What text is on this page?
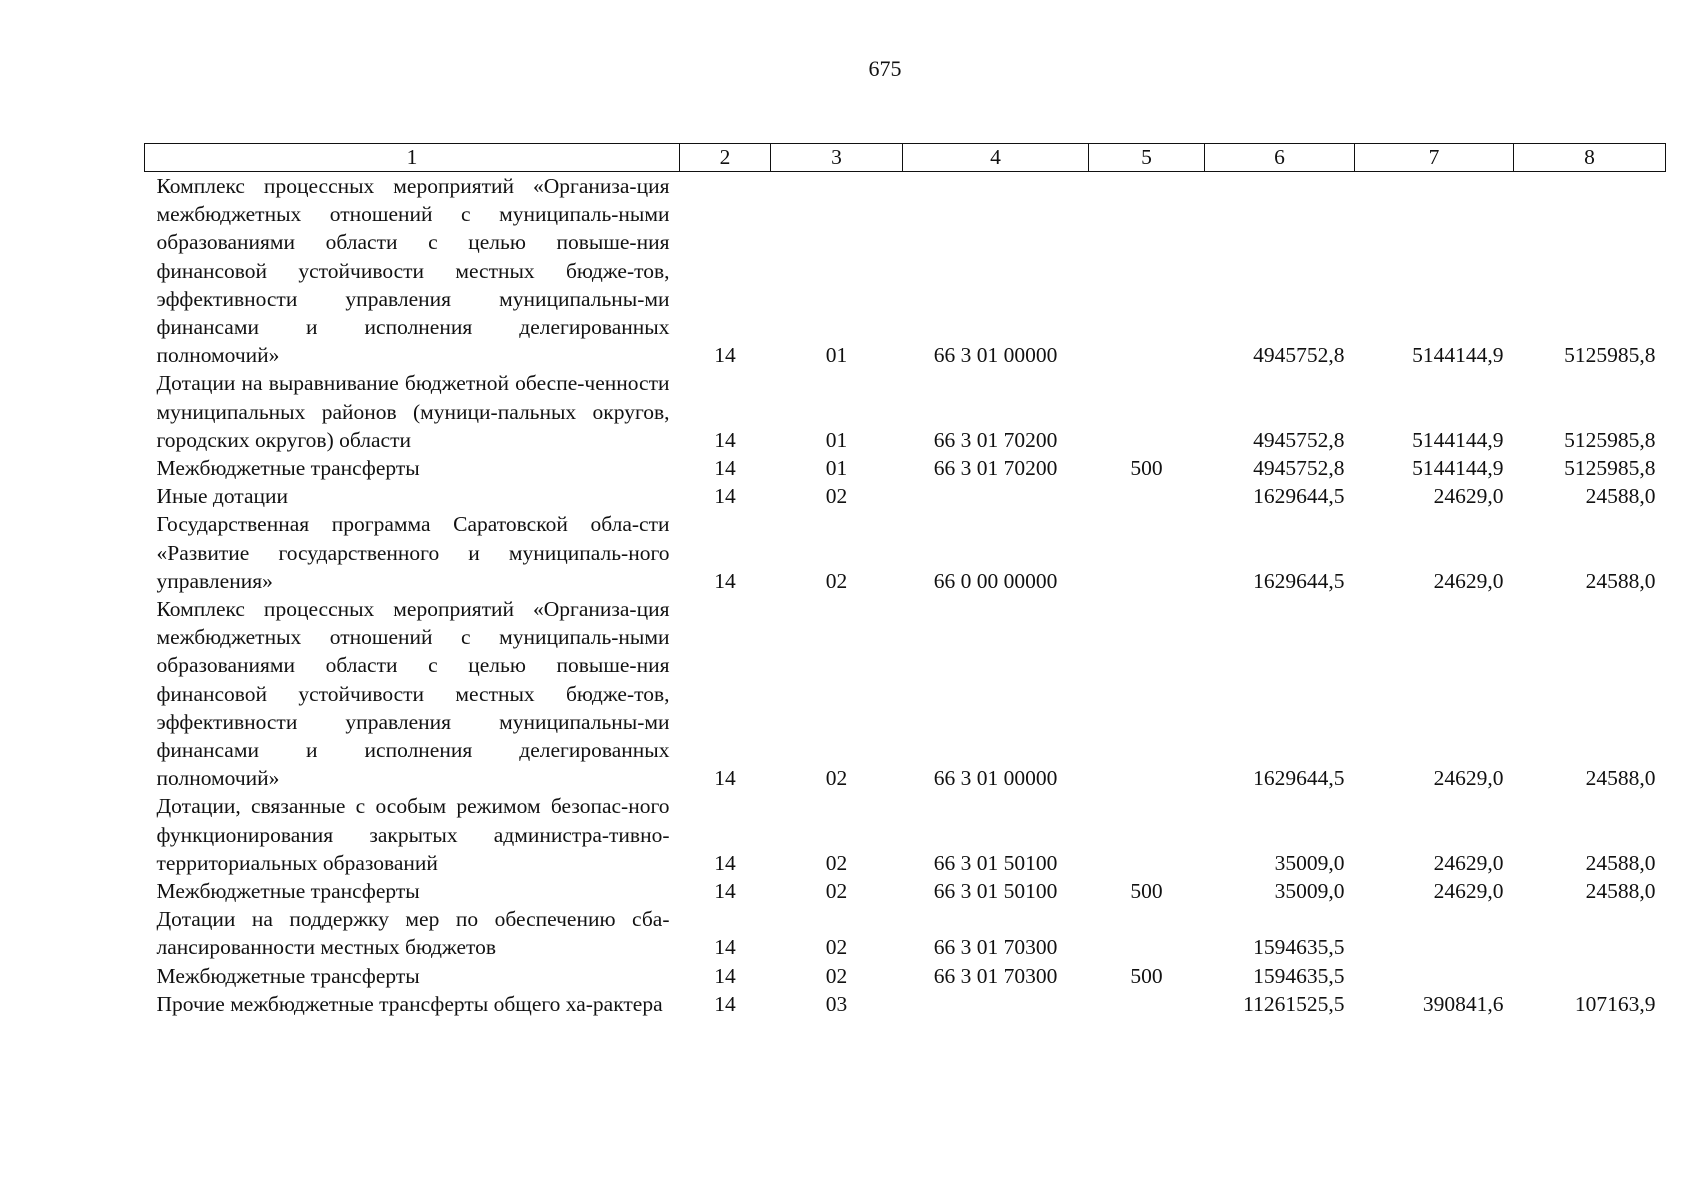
675
1	2	3	4	5	6	7	8
Комплекс процессных мероприятий «Организа-ция межбюджетных отношений с муниципаль-ными образованиями области с целью повыше-ния финансовой устойчивости местных бюдже-тов, эффективности управления муниципальны-ми финансами и исполнения делегированных полномочий»	14	01	66 3 01 00000		4945752,8	5144144,9	5125985,8
Дотации на выравнивание бюджетной обеспе-ченности муниципальных районов (муници-пальных округов, городских округов) области	14	01	66 3 01 70200		4945752,8	5144144,9	5125985,8
Межбюджетные трансферты	14	01	66 3 01 70200	500	4945752,8	5144144,9	5125985,8
Иные дотации	14	02			1629644,5	24629,0	24588,0
Государственная программа Саратовской обла-сти «Развитие государственного и муниципаль-ного управления»	14	02	66 0 00 00000		1629644,5	24629,0	24588,0
Комплекс процессных мероприятий «Организа-ция межбюджетных отношений с муниципаль-ными образованиями области с целью повыше-ния финансовой устойчивости местных бюдже-тов, эффективности управления муниципальны-ми финансами и исполнения делегированных полномочий»	14	02	66 3 01 00000		1629644,5	24629,0	24588,0
Дотации, связанные с особым режимом безопас-ного функционирования закрытых администра-тивно-территориальных образований	14	02	66 3 01 50100		35009,0	24629,0	24588,0
Межбюджетные трансферты	14	02	66 3 01 50100	500	35009,0	24629,0	24588,0
Дотации на поддержку мер по обеспечению сба-лансированности местных бюджетов	14	02	66 3 01 70300		1594635,5		
Межбюджетные трансферты	14	02	66 3 01 70300	500	1594635,5		
Прочие межбюджетные трансферты общего ха-рактера	14	03			11261525,5	390841,6	107163,9
